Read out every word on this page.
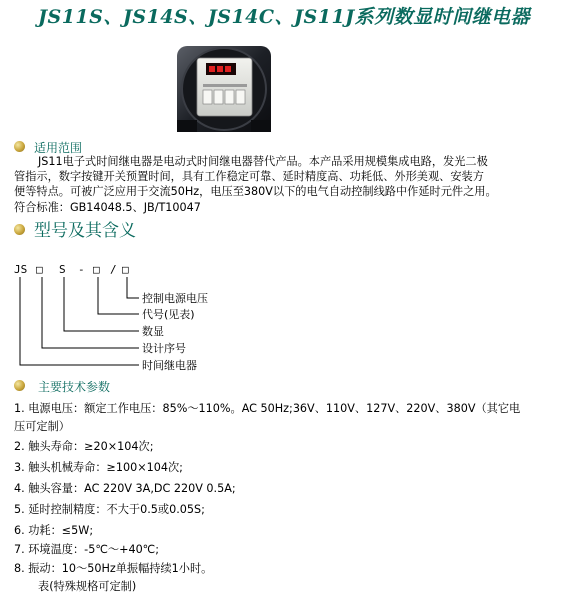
JS11S、JS14S、JS14C、JS11J系列数显时间继电器
适用范围
JS11电子式时间继电器是电动式时间继电器替代产品。本产品采用规模集成电路，发光二极
管指示，数字按键开关预置时间，具有工作稳定可靠、延时精度高、功耗低、外形美观、安装方
便等特点。可被广泛应用于交流50Hz，电压至380V以下的电气自动控制线路中作延时元件之用。
符合标准：GB14048.5、JB/T10047
型号及其含义
JS □ S - □ / □
控制电源电压
代号(见表)
数显
设计序号
时间继电器
主要技术参数
1. 电源电压：额定工作电压：85%～110%。AC 50Hz;36V、110V、127V、220V、380V（其它电
压可定制）
2. 触头寿命：≥20×104次;
3. 触头机械寿命：≥100×104次;
4. 触头容量：AC 220V 3A,DC 220V 0.5A;
5. 延时控制精度：不大于0.5或0.05S;
6. 功耗：≤5W;
7. 环境温度：-5℃～+40℃;
8. 振动：10～50Hz单振幅持续1小时。
表(特殊规格可定制)
